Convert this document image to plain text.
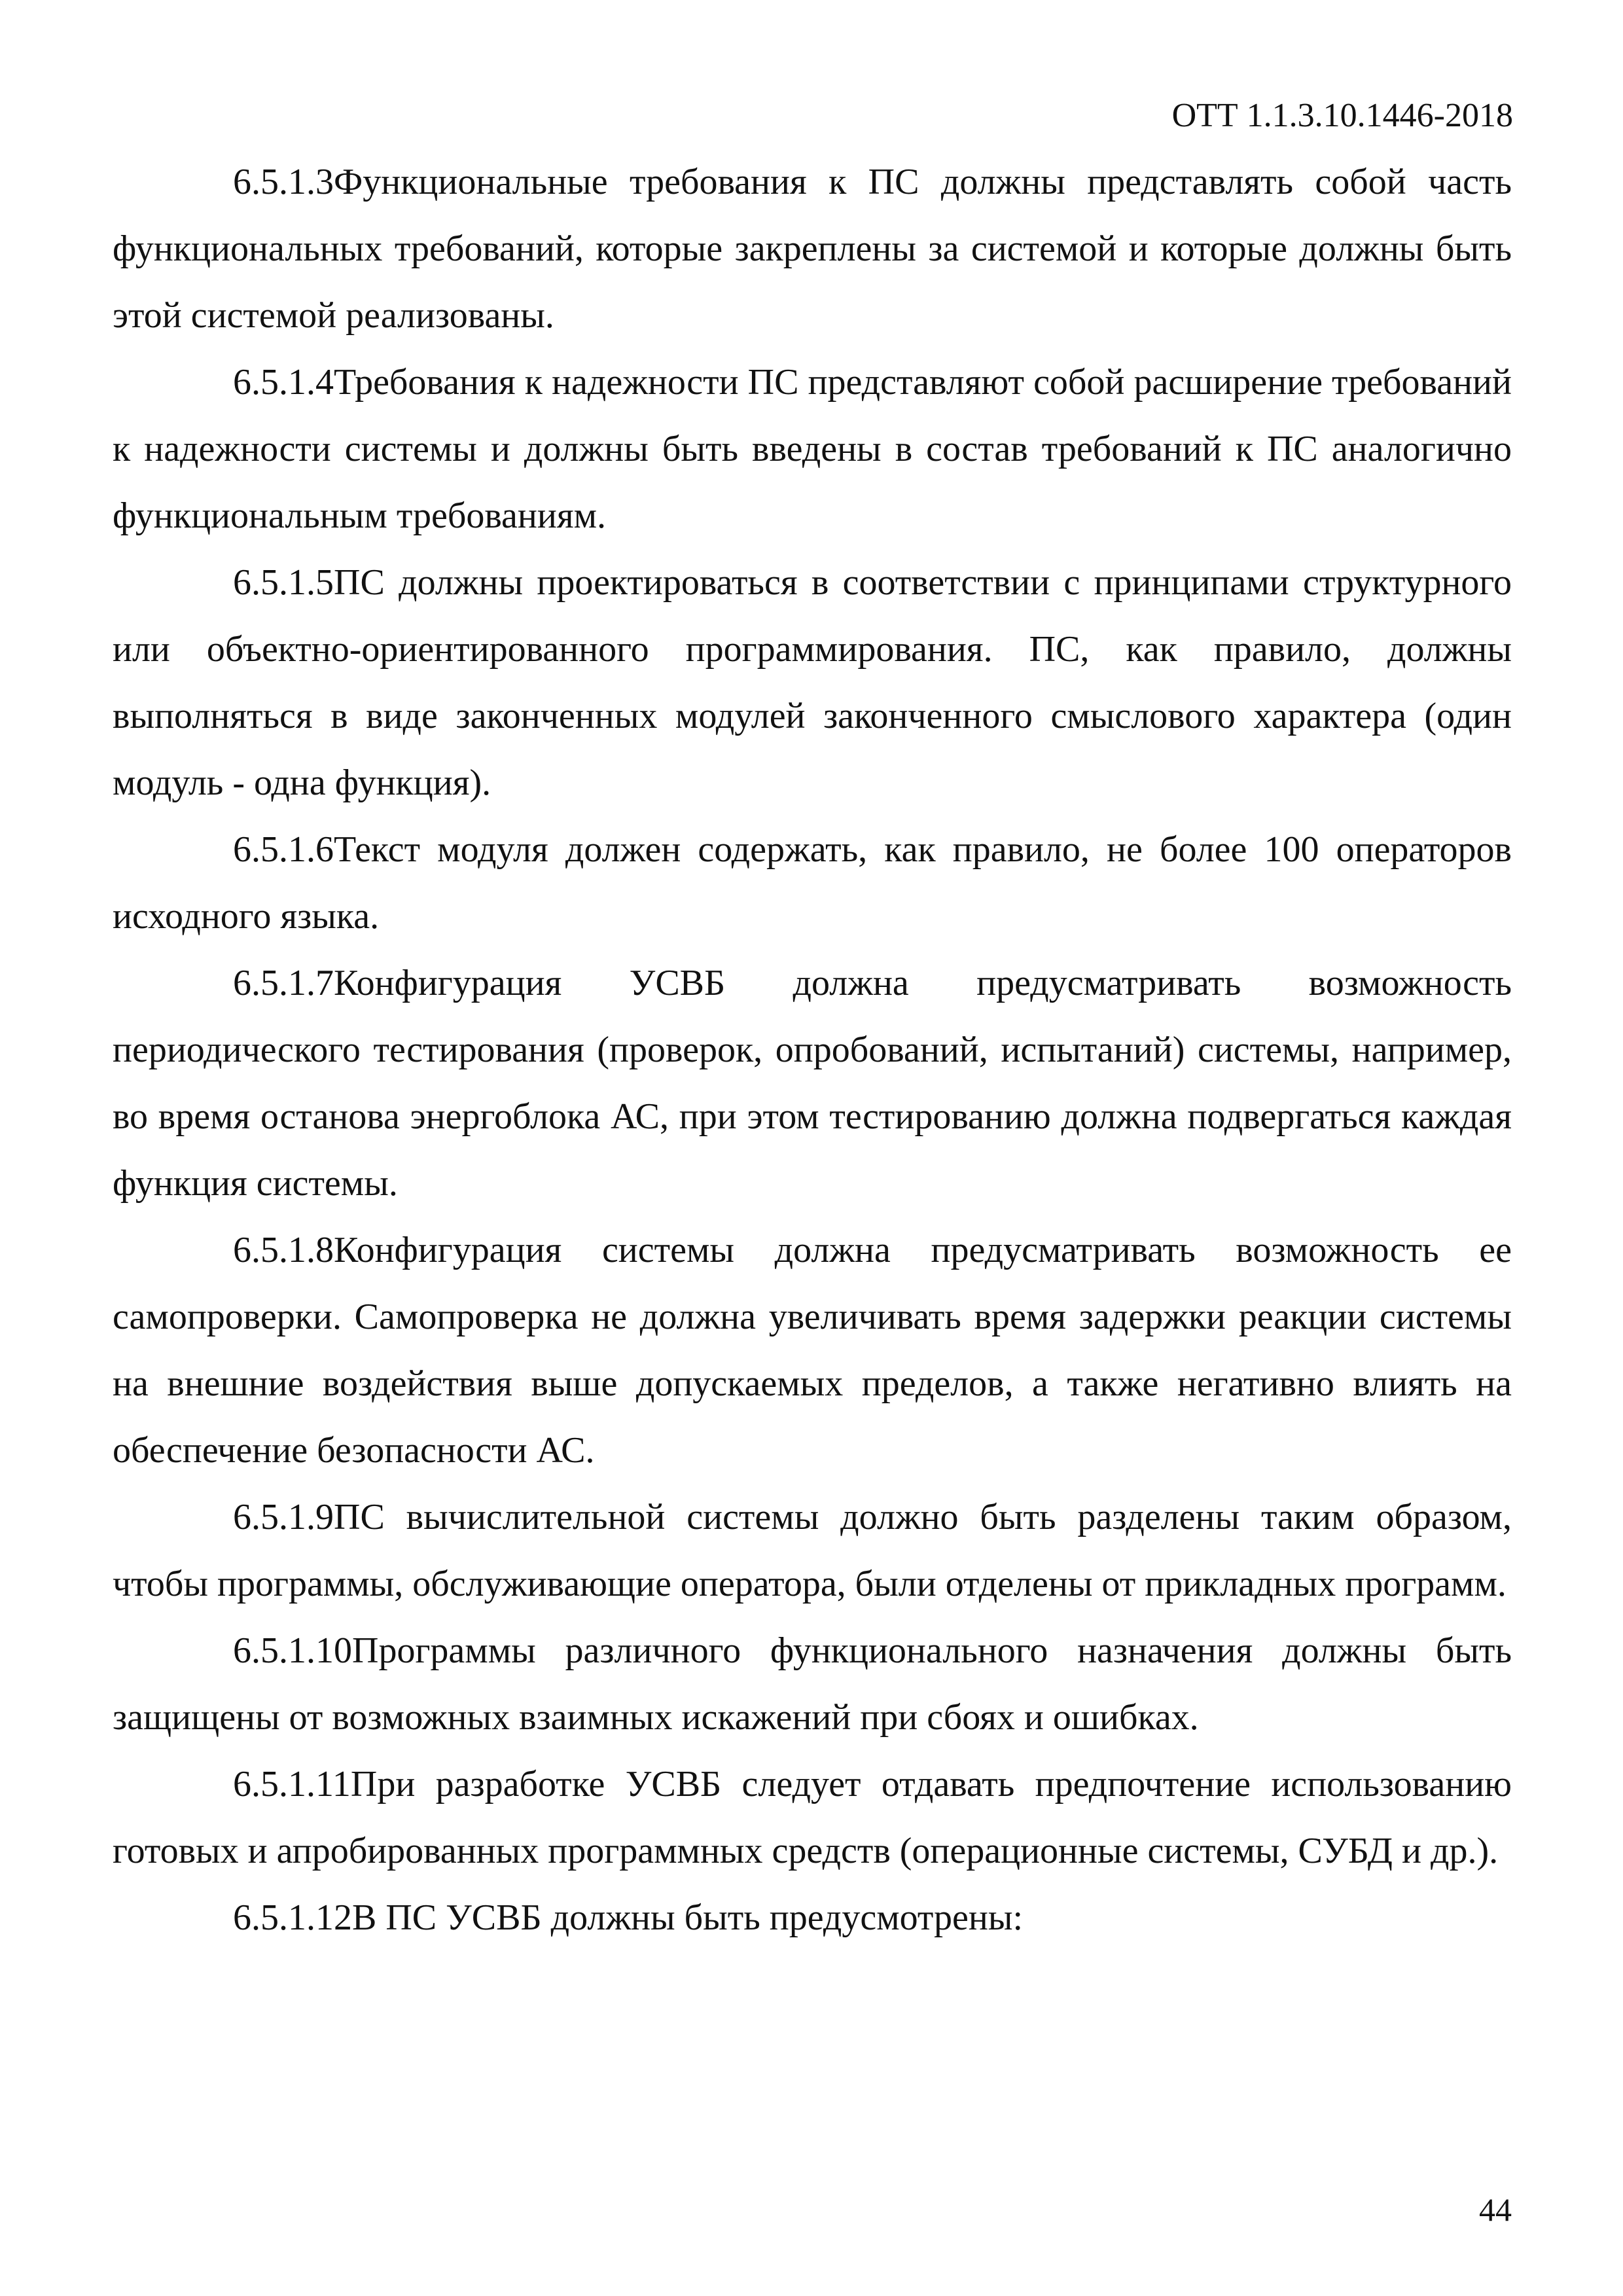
ОТТ 1.1.3.10.1446-2018

6.5.1.3Функциональные требования к ПС должны представлять собой часть функциональных требований, которые закреплены за системой и которые должны быть этой системой реализованы.

6.5.1.4Требования к надежности ПС представляют собой расширение требований к надежности системы и должны быть введены в состав требований к ПС аналогично функциональным требованиям.

6.5.1.5ПС должны проектироваться в соответствии с принципами структурного или объектно-ориентированного программирования. ПС, как правило, должны выполняться в виде законченных модулей законченного смыслового характера (один модуль - одна функция).

6.5.1.6Текст модуля должен содержать, как правило, не более 100 операторов исходного языка.

6.5.1.7Конфигурация УСВБ должна предусматривать возможность периодического тестирования (проверок, опробований, испытаний) системы, например, во время останова энергоблока АС, при этом тестированию должна подвергаться каждая функция системы.

6.5.1.8Конфигурация системы должна предусматривать возможность ее самопроверки. Самопроверка не должна увеличивать время задержки реакции системы на внешние воздействия выше допускаемых пределов, а также негативно влиять на обеспечение безопасности АС.

6.5.1.9ПС вычислительной системы должно быть разделены таким образом, чтобы программы, обслуживающие оператора, были отделены от прикладных программ.

6.5.1.10Программы различного функционального назначения должны быть защищены от возможных взаимных искажений при сбоях и ошибках.

6.5.1.11При разработке УСВБ следует отдавать предпочтение использованию готовых и апробированных программных средств (операционные системы, СУБД и др.).

6.5.1.12В ПС УСВБ должны быть предусмотрены:

44
